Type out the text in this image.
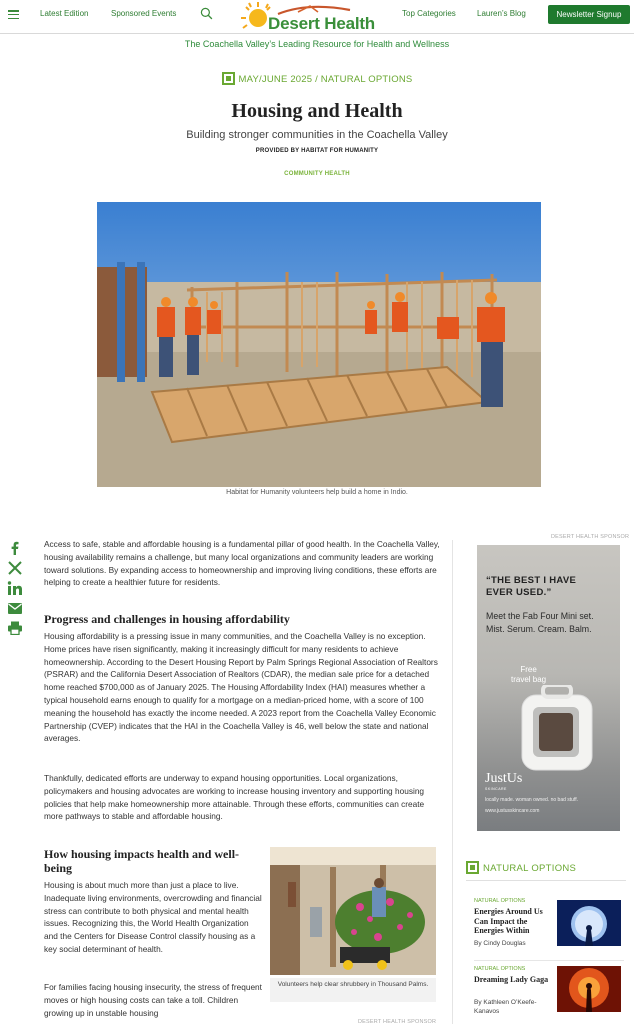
Latest Edition	Sponsored Events
Desert Health
Top Categories	Lauren’s Blog	Newsletter Signup
The Coachella Valley’s Leading Resource for Health and Wellness
MAY/JUNE 2025 / NATURAL OPTIONS
Housing and Health
Building stronger communities in the Coachella Valley
PROVIDED BY HABITAT FOR HUMANITY
COMMUNITY HEALTH
Habitat for Humanity volunteers help build a home in Indio.
Access to safe, stable and affordable housing is a fundamental pillar of good health. In the Coachella Valley, housing availability remains a challenge, but many local organizations and community leaders are working toward solutions. By expanding access to homeownership and improving living conditions, these efforts are helping to create a healthier future for residents.
Progress and challenges in housing affordability
Housing affordability is a pressing issue in many communities, and the Coachella Valley is no exception. Home prices have risen significantly, making it increasingly difficult for many residents to achieve homeownership. According to the Desert Housing Report by Palm Springs Regional Association of Realtors (PSRAR) and the California Desert Association of Realtors (CDAR), the median sale price for a detached home reached $700,000 as of January 2025. The Housing Affordability Index (HAI) measures whether a typical household earns enough to qualify for a mortgage on a median-priced home, with a score of 100 meaning the household has exactly the income needed. A 2023 report from the Coachella Valley Economic Partnership (CVEP) indicates that the HAI in the Coachella Valley is 46, well below the state and national averages.
Thankfully, dedicated efforts are underway to expand housing opportunities. Local organizations, policymakers and housing advocates are working to increase housing inventory and supporting housing policies that help make homeownership more attainable. Through these efforts, communities can create more pathways to stable and affordable housing.
How housing impacts health and well-being
Housing is about much more than just a place to live. Inadequate living environments, overcrowding and financial stress can contribute to both physical and mental health issues. Recognizing this, the World Health Organization and the Centers for Disease Control classify housing as a key social determinant of health.
For families facing housing insecurity, the stress of frequent moves or high housing costs can take a toll. Children growing up in unstable housing
Volunteers help clear shrubbery in Thousand Palms.
DESERT HEALTH SPONSOR
“THE BEST I HAVE
EVER USED.”
Meet the Fab Four Mini set.
Mist. Serum. Cream. Balm.
Free
travel bag
JustUs
SKINCARE
locally made. woman owned. no bad stuff.
www.justusskincare.com
NATURAL OPTIONS
NATURAL OPTIONS
Energies Around Us Can Impact the Energies Within
By Cindy Douglas
NATURAL OPTIONS
Dreaming Lady Gaga
By Kathleen O’Keefe-Kanavos
DESERT HEALTH SPONSOR
